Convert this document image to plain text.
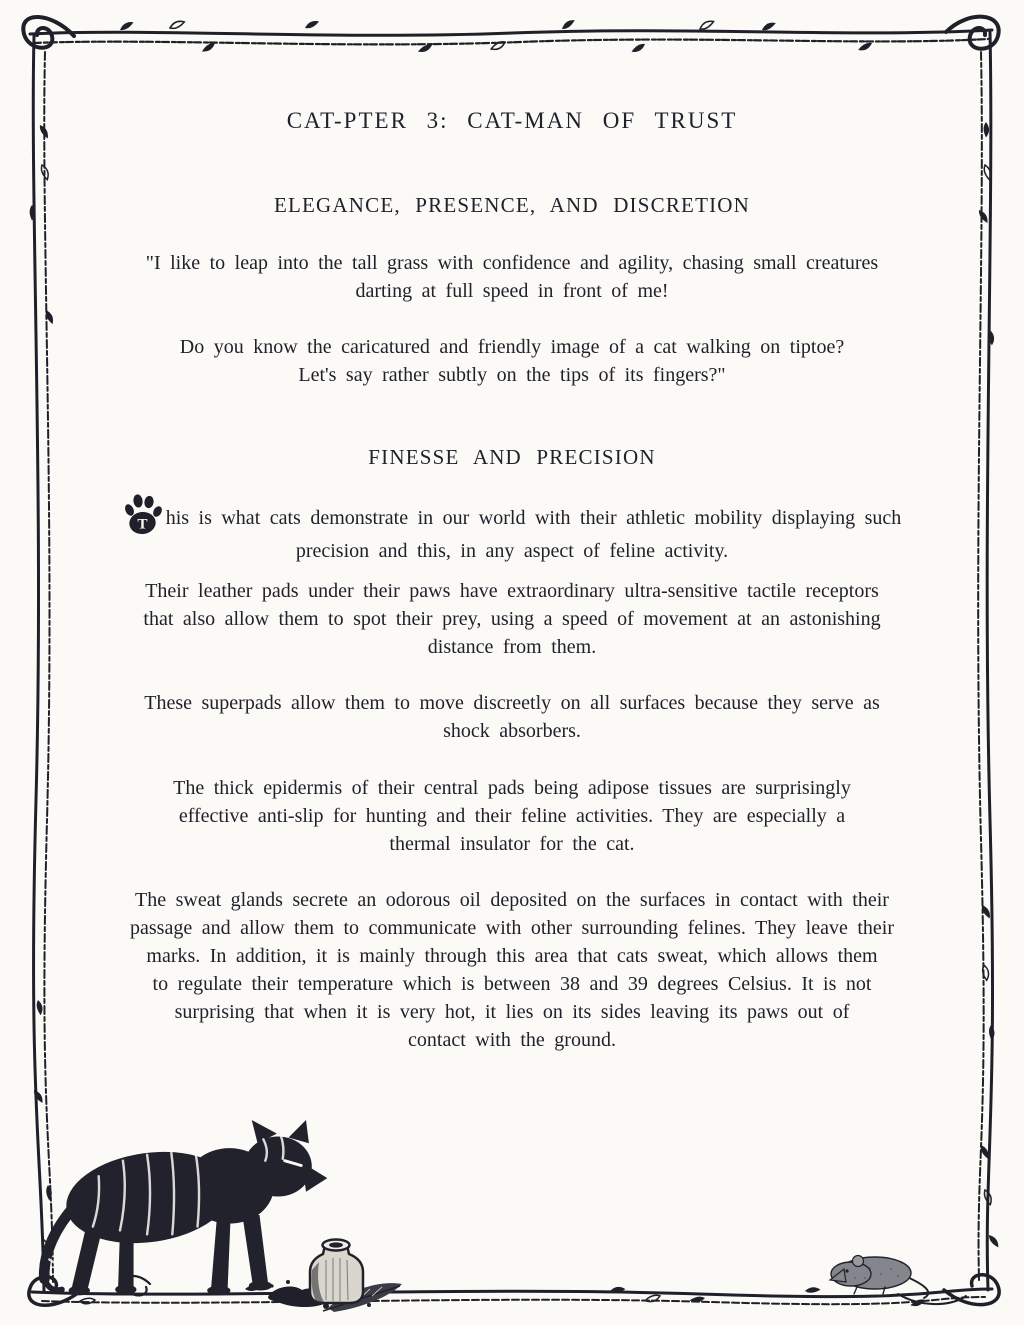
CAT-PTER 3: CAT-MAN OF TRUST
ELEGANCE, PRESENCE, AND DISCRETION
"I like to leap into the tall grass with confidence and agility, chasing small creatures
darting at full speed in front of me!
Do you know the caricatured and friendly image of a cat walking on tiptoe?
Let's say rather subtly on the tips of its fingers?"
FINESSE AND PRECISION
T his is what cats demonstrate in our world with their athletic mobility displaying such
precision and this, in any aspect of feline activity.
Their leather pads under their paws have extraordinary ultra-sensitive tactile receptors
that also allow them to spot their prey, using a speed of movement at an astonishing
distance from them.
These superpads allow them to move discreetly on all surfaces because they serve as
shock absorbers.
The thick epidermis of their central pads being adipose tissues are surprisingly
effective anti-slip for hunting and their feline activities. They are especially a
thermal insulator for the cat.
The sweat glands secrete an odorous oil deposited on the surfaces in contact with their
passage and allow them to communicate with other surrounding felines. They leave their
marks. In addition, it is mainly through this area that cats sweat, which allows them
to regulate their temperature which is between 38 and 39 degrees Celsius. It is not
surprising that when it is very hot, it lies on its sides leaving its paws out of
contact with the ground.
